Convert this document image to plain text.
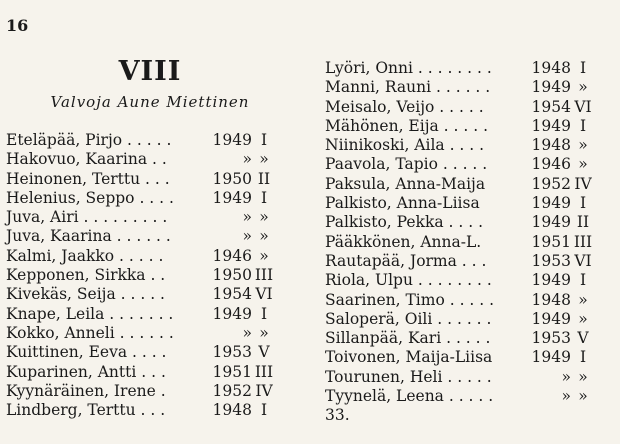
16
VIII
Valvoja Aune Miettinen
Eteläpää, Pirjo . . . . .	1949 I
Hakovuo, Kaarina . .	» »
Heinonen, Terttu . . .	1950 II
Helenius, Seppo . . . . 1949 I
Juva, Airi . . . . . . . . .	» »
Juva, Kaarina . . . . . .	» »
Kalmi, Jaakko . . . . .	1946 »
Kepponen, Sirkka . .	1950 III
Kivekäs, Seija . . . . .	1954 VI
Knape, Leila . . . . . . .	1949 I
Kokko, Anneli . . . . . .	» »
Kuittinen, Eeva . . . .	1953 V
Kuparinen, Antti . . .	1951 III
Kyynäräinen, Irene .	1952 IV
Lindberg, Terttu . . .	1948 I
Lyöri, Onni . . . . . . . .	1948 I
Manni, Rauni . . . . . .	1949 »
Meisalo, Veijo . . . . .	1954 VI
Mähönen, Eija . . . . .	1949 I
Niinikoski, Aila . . . .	1948 »
Paavola, Tapio . . . . .	1946 »
Paksula, Anna-Maija	1952 IV
Palkisto, Anna-Liisa	1949 I
Palkisto, Pekka . . . .	1949 II
Pääkkönen, Anna-L.	1951 III
Rautapää, Jorma . . .	1953 VI
Riola, Ulpu . . . . . . . .	1949 I
Saarinen, Timo . . . . . 1948 »
Saloperä, Oili . . . . . .	1949 »
Sillanpää, Kari . . . . .	1953 V
Toivonen, Maija-Liisa	1949 I
Tourunen, Heli . . . . .	» »
Tyynelä, Leena . . . . .	» »
33.
